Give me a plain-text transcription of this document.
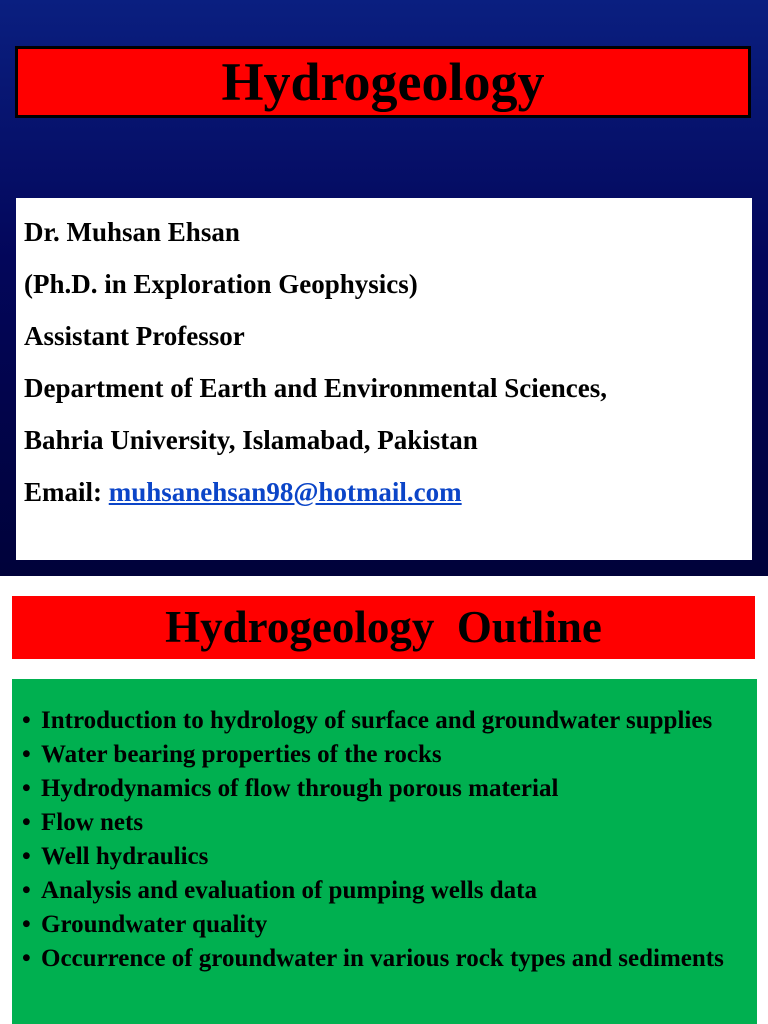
Hydrogeology
Dr. Muhsan Ehsan
(Ph.D. in Exploration Geophysics)
Assistant Professor
Department of Earth and Environmental Sciences,
Bahria University, Islamabad, Pakistan
Email: muhsanehsan98@hotmail.com
Hydrogeology  Outline
• Introduction to hydrology of surface and groundwater supplies
• Water bearing properties of the rocks
• Hydrodynamics of flow through porous material
• Flow nets
• Well hydraulics
• Analysis and evaluation of pumping wells data
• Groundwater quality
• Occurrence of groundwater in various rock types and sediments
